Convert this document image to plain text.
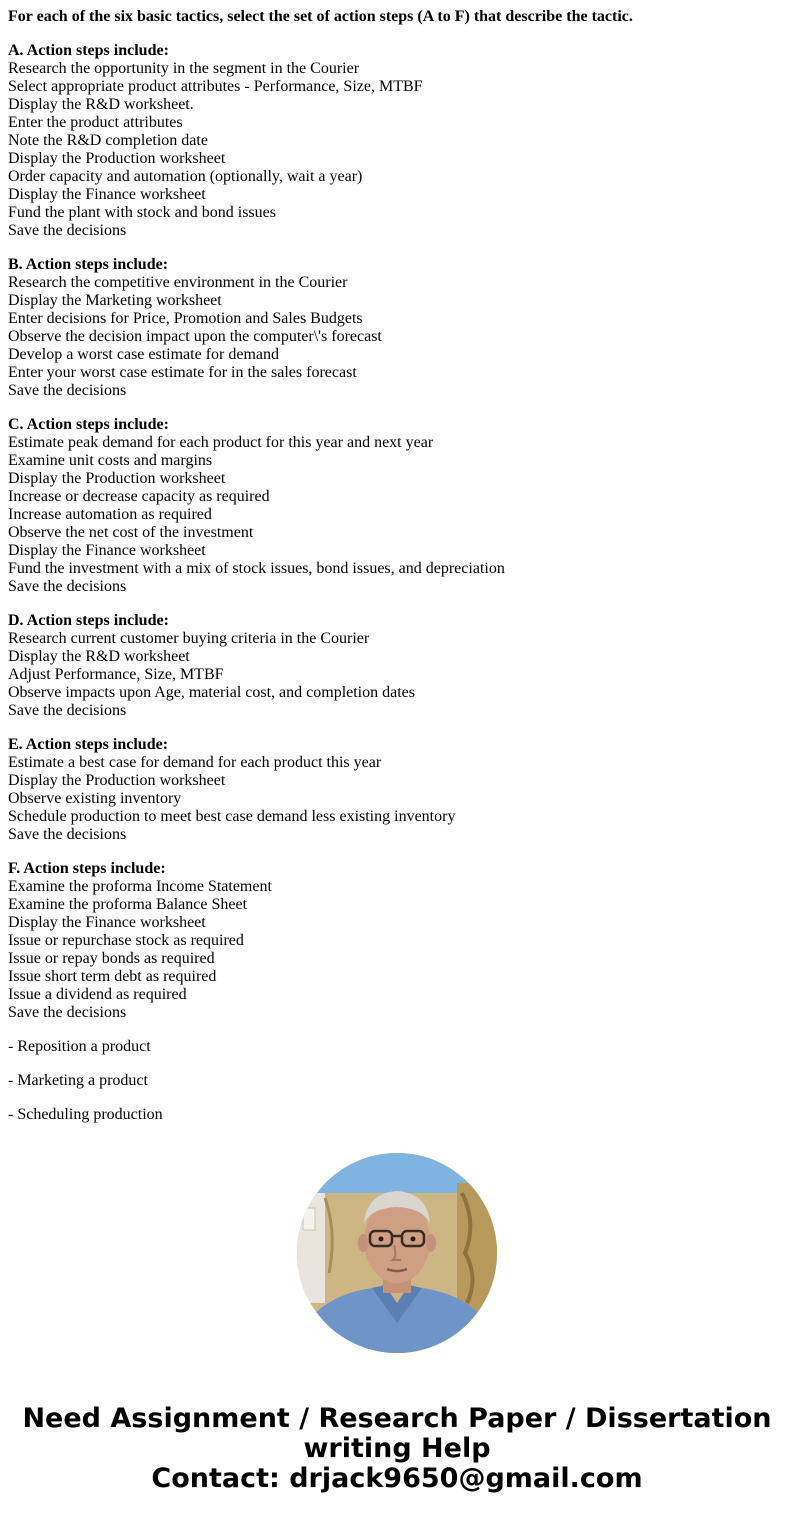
For each of the six basic tactics, select the set of action steps (A to F) that describe the tactic.
A. Action steps include:
Research the opportunity in the segment in the Courier
Select appropriate product attributes - Performance, Size, MTBF
Display the R&D worksheet.
Enter the product attributes
Note the R&D completion date
Display the Production worksheet
Order capacity and automation (optionally, wait a year)
Display the Finance worksheet
Fund the plant with stock and bond issues
Save the decisions
B. Action steps include:
Research the competitive environment in the Courier
Display the Marketing worksheet
Enter decisions for Price, Promotion and Sales Budgets
Observe the decision impact upon the computer\'s forecast
Develop a worst case estimate for demand
Enter your worst case estimate for in the sales forecast
Save the decisions
C. Action steps include:
Estimate peak demand for each product for this year and next year
Examine unit costs and margins
Display the Production worksheet
Increase or decrease capacity as required
Increase automation as required
Observe the net cost of the investment
Display the Finance worksheet
Fund the investment with a mix of stock issues, bond issues, and depreciation
Save the decisions
D. Action steps include:
Research current customer buying criteria in the Courier
Display the R&D worksheet
Adjust Performance, Size, MTBF
Observe impacts upon Age, material cost, and completion dates
Save the decisions
E. Action steps include:
Estimate a best case for demand for each product this year
Display the Production worksheet
Observe existing inventory
Schedule production to meet best case demand less existing inventory
Save the decisions
F. Action steps include:
Examine the proforma Income Statement
Examine the proforma Balance Sheet
Display the Finance worksheet
Issue or repurchase stock as required
Issue or repay bonds as required
Issue short term debt as required
Issue a dividend as required
Save the decisions
- Reposition a product
- Marketing a product
- Scheduling production
Need Assignment / Research Paper / Dissertation
writing Help
Contact: drjack9650@gmail.com
